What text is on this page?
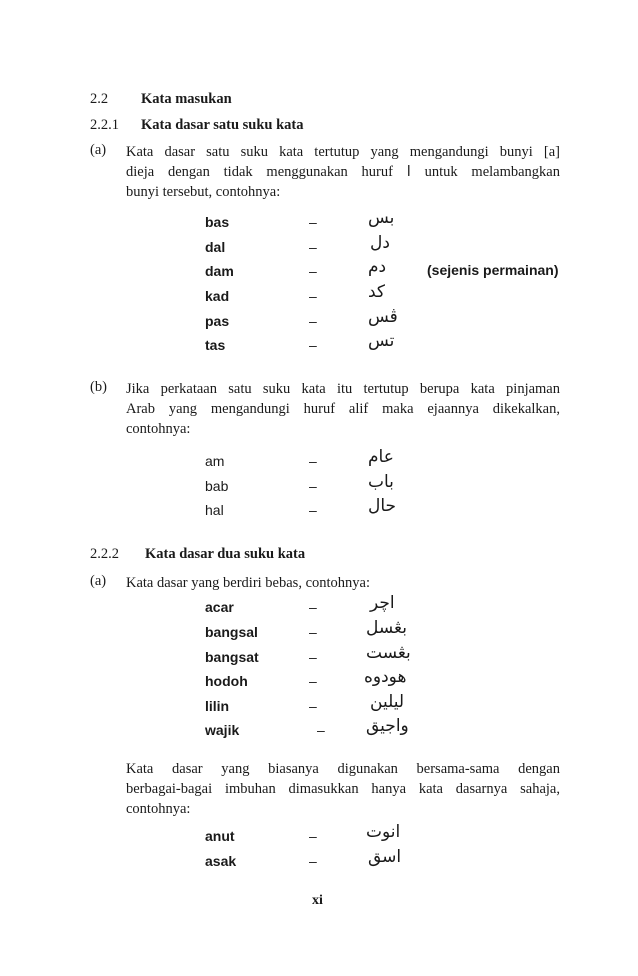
2.2 Kata masukan
2.2.1 Kata dasar satu suku kata
(a) Kata dasar satu suku kata tertutup yang mengandungi bunyi [a]
dieja dengan tidak menggunakan huruf ا untuk melambangkan
bunyi tersebut, contohnya:
bas	–	بس
dal	–	دل
dam	–	دم	(sejenis permainan)
kad	–	کد
pas	–	ڤس
tas	–	تس
(b) Jika perkataan satu suku kata itu tertutup berupa kata pinjaman
Arab yang mengandungi huruf alif maka ejaannya dikekalkan,
contohnya:
am	–	عام
bab	–	باب
hal	–	حال
2.2.2 Kata dasar dua suku kata
(a) Kata dasar yang berdiri bebas, contohnya:
acar	–	اچر
bangsal	–	بڠسل
bangsat	–	بڠست
hodoh	–	هودوه
lilin	–	ليلين
wajik	– واجيق
Kata dasar yang biasanya digunakan bersama-sama dengan
berbagai-bagai imbuhan dimasukkan hanya kata dasarnya sahaja,
contohnya:
anut	–	انوت
asak	–	اسق
xi
